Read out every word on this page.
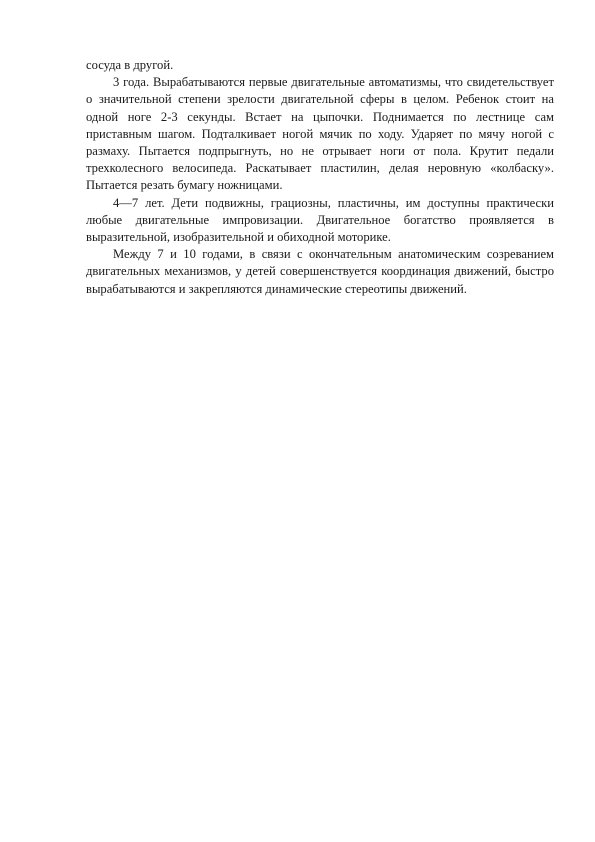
сосуда в другой.

3 года. Вырабатываются первые двигательные автоматизмы, что свидетельствует о значительной степени зрелости двигательной сферы в целом. Ребенок стоит на одной ноге 2-3 секунды. Встает на цыпочки. Поднимается по лестнице сам приставным шагом. Подталкивает ногой мячик по ходу. Ударяет по мячу ногой с размаху. Пытается подпрыгнуть, но не отрывает ноги от пола. Крутит педали трехколесного велосипеда. Раскатывает пластилин, делая неровную «колбаску». Пытается резать бумагу ножницами.

4—7 лет. Дети подвижны, грациозны, пластичны, им доступны практически любые двигательные импровизации. Двигательное богатство проявляется в выразительной, изобразительной и обиходной моторике.

Между 7 и 10 годами, в связи с окончательным анатомическим созреванием двигательных механизмов, у детей совершенствуется координация движений, быстро вырабатываются и закрепляются динамические стереотипы движений.
